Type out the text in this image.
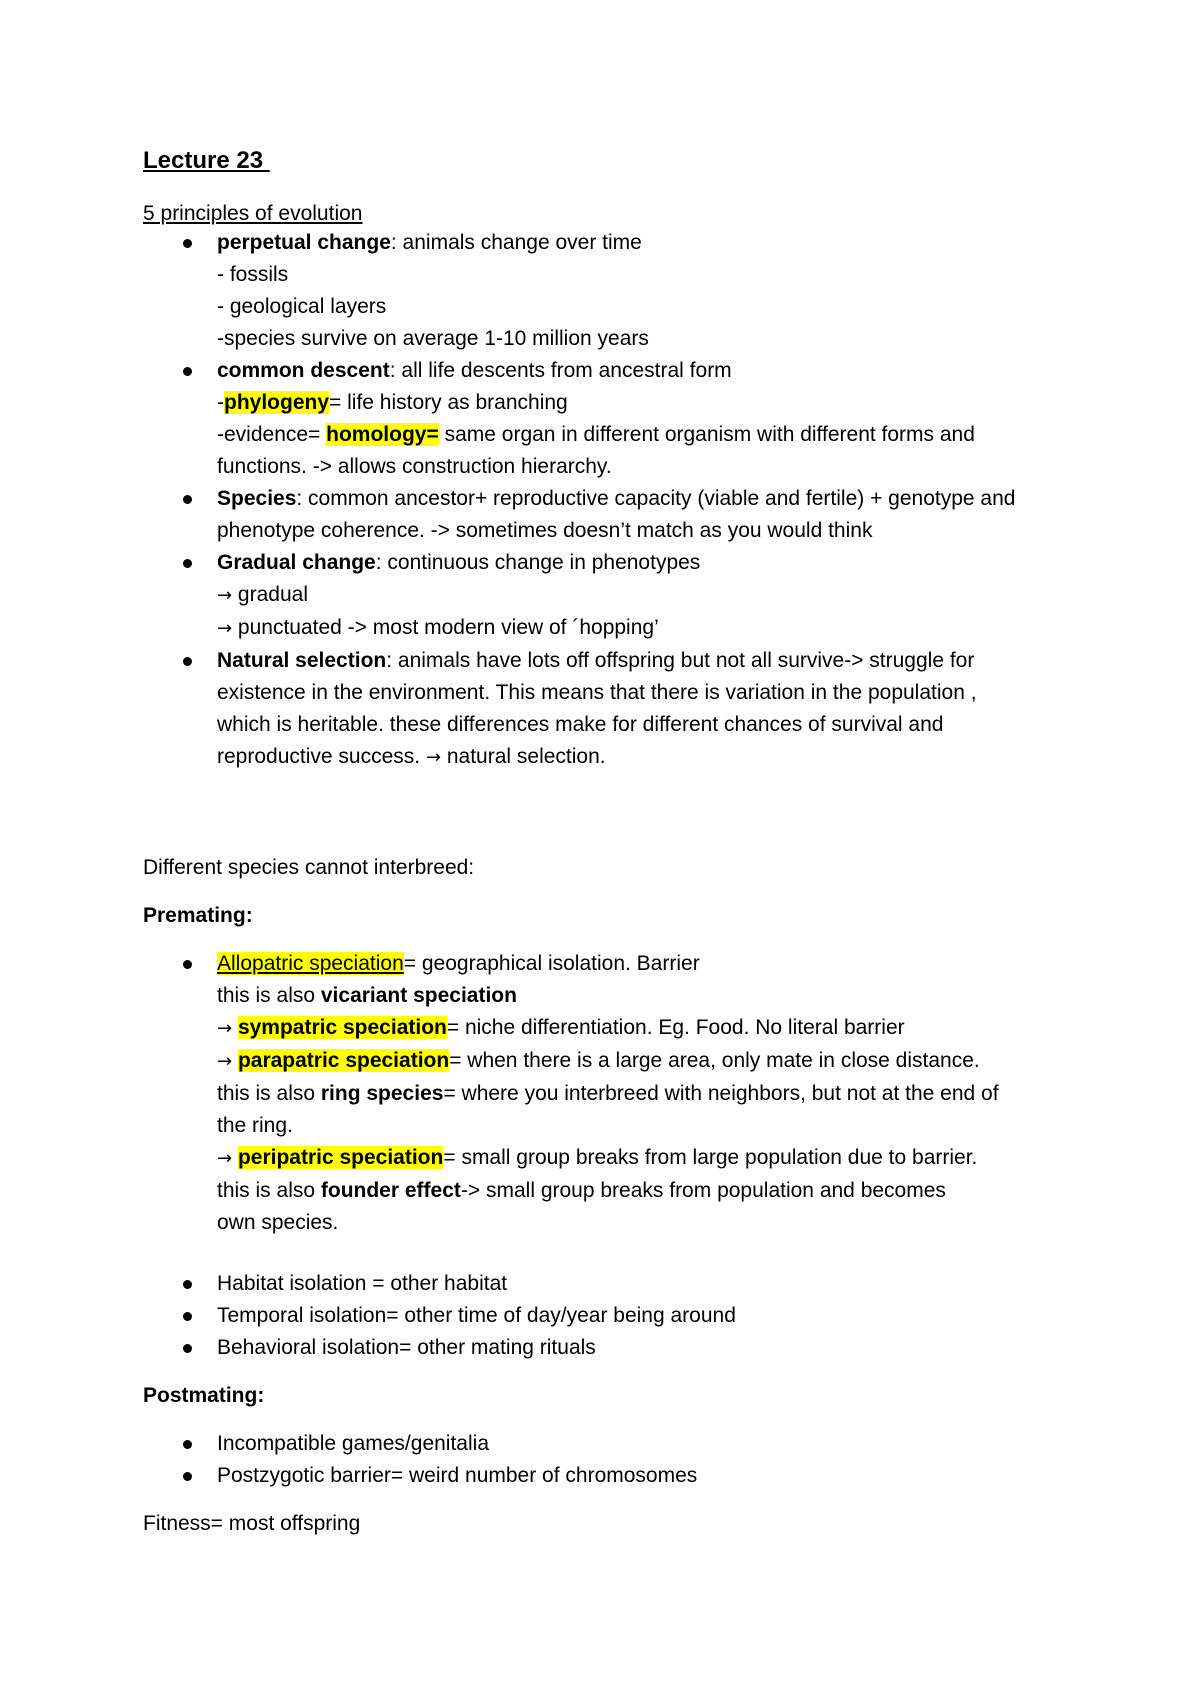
Lecture 23
5 principles of evolution
perpetual change: animals change over time
- fossils
- geological layers
-species survive on average 1-10 million years
common descent: all life descents from ancestral form
-phylogeny= life history as branching
-evidence= homology= same organ in different organism with different forms and
functions. -> allows construction hierarchy.
Species: common ancestor+ reproductive capacity (viable and fertile) + genotype and
phenotype coherence. -> sometimes doesn’t match as you would think
Gradual change: continuous change in phenotypes
→ gradual
→ punctuated -> most modern view of ´hopping’
Natural selection: animals have lots off offspring but not all survive-> struggle for
existence in the environment. This means that there is variation in the population ,
which is heritable. these differences make for different chances of survival and
reproductive success. → natural selection.
Different species cannot interbreed:
Premating:
Allopatric speciation= geographical isolation. Barrier
this is also vicariant speciation
→ sympatric speciation= niche differentiation. Eg. Food. No literal barrier
→ parapatric speciation= when there is a large area, only mate in close distance.
this is also ring species= where you interbreed with neighbors, but not at the end of
the ring.
→ peripatric speciation= small group breaks from large population due to barrier.
this is also founder effect-> small group breaks from population and becomes
own species.
Habitat isolation = other habitat
Temporal isolation= other time of day/year being around
Behavioral isolation= other mating rituals
Postmating:
Incompatible games/genitalia
Postzygotic barrier= weird number of chromosomes
Fitness= most offspring
